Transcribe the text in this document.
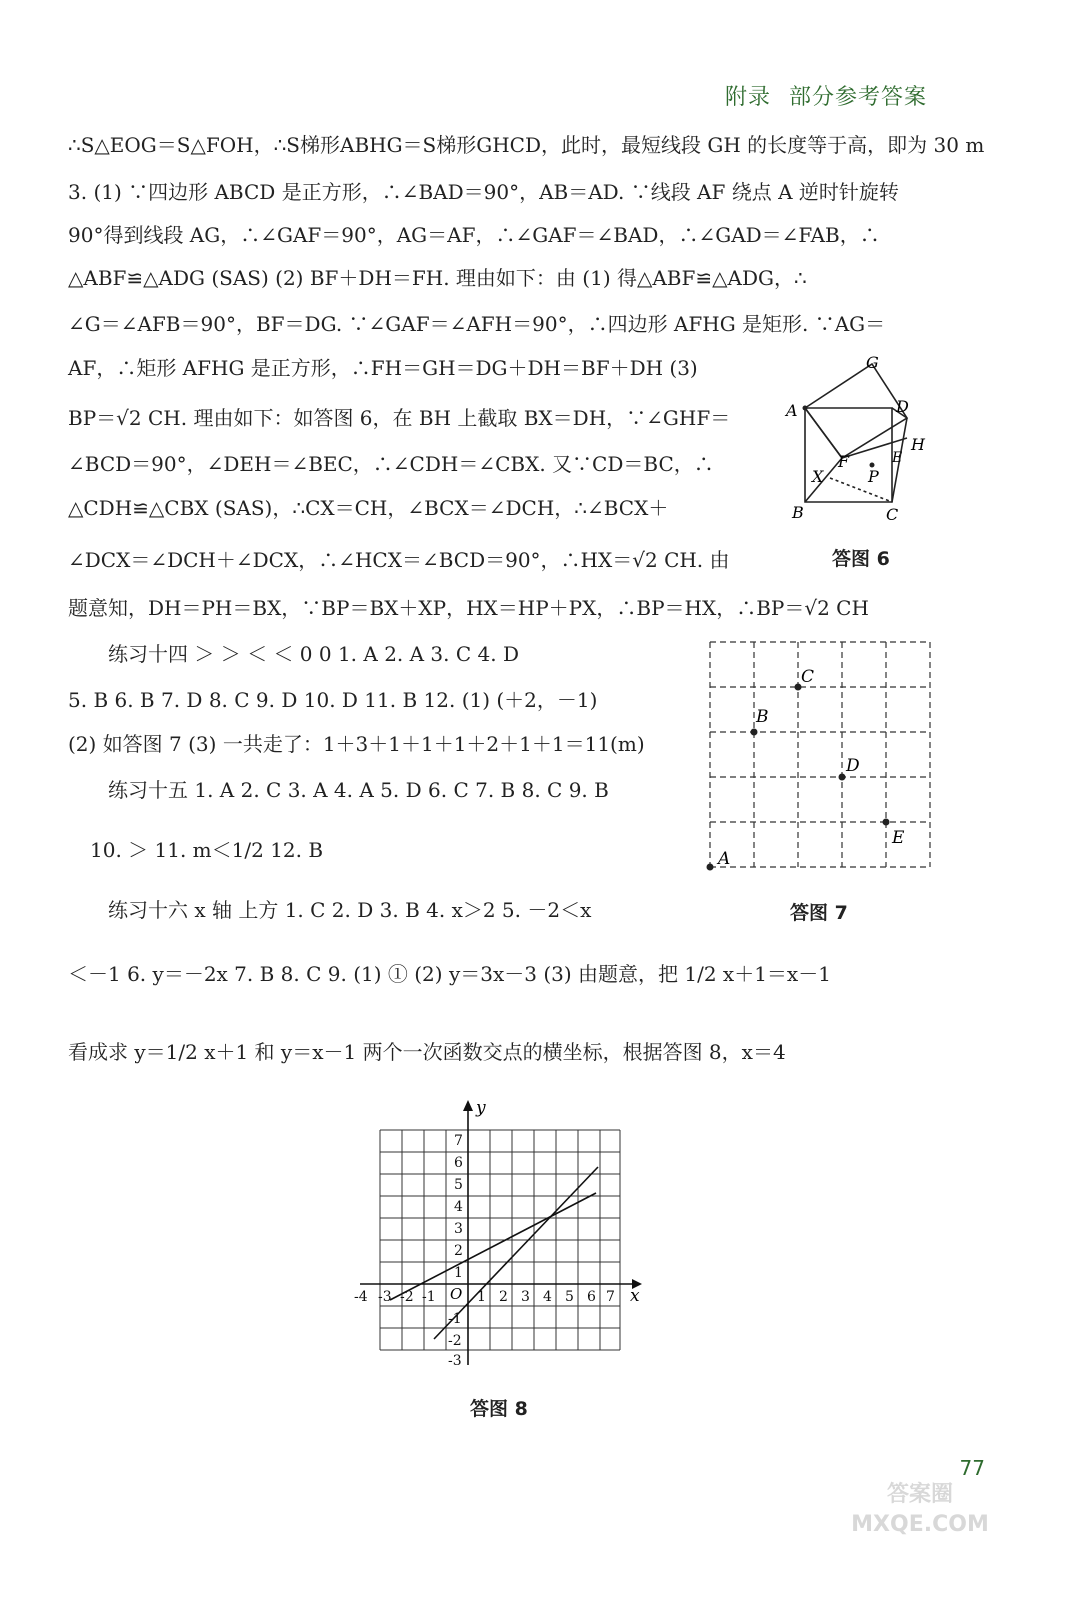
附录 部分参考答案
∴S△EOG＝S△FOH，∴S梯形ABHG＝S梯形GHCD，此时，最短线段 GH 的长度等于高，即为 30 m
3. (1) ∵四边形 ABCD 是正方形，∴∠BAD＝90°，AB＝AD. ∵线段 AF 绕点 A 逆时针旋转
90°得到线段 AG，∴∠GAF＝90°，AG＝AF，∴∠GAF＝∠BAD，∴∠GAD＝∠FAB，∴
△ABF≌△ADG (SAS) (2) BF＋DH＝FH. 理由如下：由 (1) 得△ABF≌△ADG，∴
∠G＝∠AFB＝90°，BF＝DG. ∵∠GAF＝∠AFH＝90°，∴四边形 AFHG 是矩形. ∵AG＝
AF，∴矩形 AFHG 是正方形，∴FH＝GH＝DG＋DH＝BF＋DH (3)
BP＝√2 CH. 理由如下：如答图 6，在 BH 上截取 BX＝DH，∵∠GHF＝
∠BCD＝90°，∠DEH＝∠BEC，∴∠CDH＝∠CBX. 又∵CD＝BC，∴
△CDH≌△CBX (SAS)，∴CX＝CH，∠BCX＝∠DCH，∴∠BCX＋
∠DCX＝∠DCH＋∠DCX，∴∠HCX＝∠BCD＝90°，∴HX＝√2 CH. 由
题意知，DH＝PH＝BX，∵BP＝BX＋XP，HX＝HP＋PX，∴BP＝HX，∴BP＝√2 CH
练习十四 ＞ ＞ ＜ ＜ 0 0 1. A 2. A 3. C 4. D
5. B 6. B 7. D 8. C 9. D 10. D 11. B 12. (1) (＋2，－1)
(2) 如答图 7 (3) 一共走了：1＋3＋1＋1＋1＋2＋1＋1＝11(m)
练习十五 1. A 2. C 3. A 4. A 5. D 6. C 7. B 8. C 9. B
10. ＞ 11. m＜1/2 12. B
练习十六 x 轴 上方 1. C 2. D 3. B 4. x＞2 5. －2＜x
＜－1 6. y＝－2x 7. B 8. C 9. (1) ① (2) y＝3x－3 (3) 由题意，把 1/2 x＋1＝x－1
看成求 y＝1/2 x＋1 和 y＝x－1 两个一次函数交点的横坐标，根据答图 8，x＝4
A
B	C
D
G
H
E
F
X	P
答图 6
A
B
C
D
E
答图 7
y
x
O
-4 -3 -2 -1	1 2 3 4 5 6 7
7
6
5
4
3
2
1
-1
-2
-3
答图 8
77
答案圈 MXQE.COM
